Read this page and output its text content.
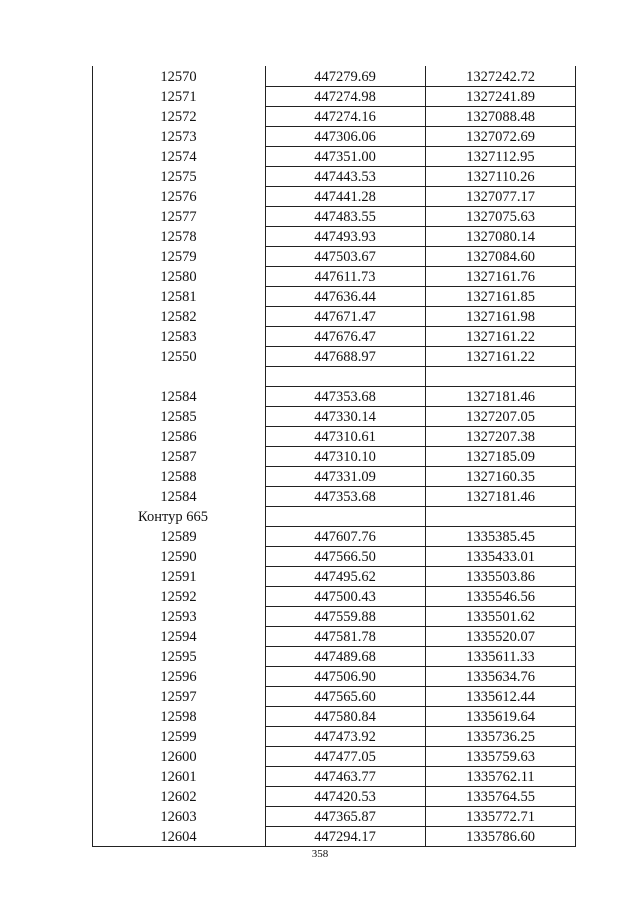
12570	447279.69	1327242.72
12571	447274.98	1327241.89
12572	447274.16	1327088.48
12573	447306.06	1327072.69
12574	447351.00	1327112.95
12575	447443.53	1327110.26
12576	447441.28	1327077.17
12577	447483.55	1327075.63
12578	447493.93	1327080.14
12579	447503.67	1327084.60
12580	447611.73	1327161.76
12581	447636.44	1327161.85
12582	447671.47	1327161.98
12583	447676.47	1327161.22
12550	447688.97	1327161.22
12584	447353.68	1327181.46
12585	447330.14	1327207.05
12586	447310.61	1327207.38
12587	447310.10	1327185.09
12588	447331.09	1327160.35
12584	447353.68	1327181.46
Контур 665
12589	447607.76	1335385.45
12590	447566.50	1335433.01
12591	447495.62	1335503.86
12592	447500.43	1335546.56
12593	447559.88	1335501.62
12594	447581.78	1335520.07
12595	447489.68	1335611.33
12596	447506.90	1335634.76
12597	447565.60	1335612.44
12598	447580.84	1335619.64
12599	447473.92	1335736.25
12600	447477.05	1335759.63
12601	447463.77	1335762.11
12602	447420.53	1335764.55
12603	447365.87	1335772.71
12604	447294.17	1335786.60
358
